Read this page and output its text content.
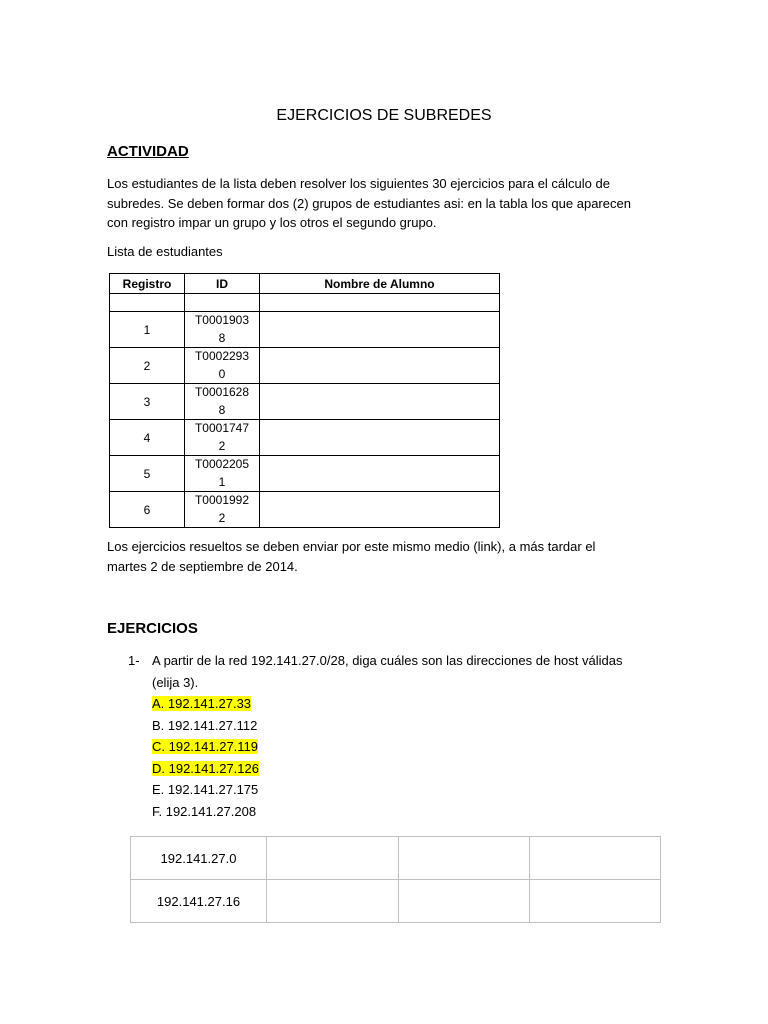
EJERCICIOS DE SUBREDES
ACTIVIDAD

Los estudiantes de la lista deben resolver los siguientes 30 ejercicios para el cálculo de
subredes. Se deben formar dos (2) grupos de estudiantes asi: en la tabla los que aparecen
con registro impar un grupo y los otros el segundo grupo.

Lista de estudiantes

Registro	ID	Nombre de Alumno

1	T0001903
8	

2	T0002293
0	

3	T0001628
8	

4	T0001747
2	

5	T0002205
1	

6	T0001992
2	

Los ejercicios resueltos se deben enviar por este mismo medio (link), a más tardar el
martes 2 de septiembre de 2014.

EJERCICIOS
1- A partir de la red 192.141.27.0/28, diga cuáles son las direcciones de host válidas
(elija 3).
A. 192.141.27.33
B. 192.141.27.112
C. 192.141.27.119
D. 192.141.27.126
E. 192.141.27.175
F. 192.141.27.208
192.141.27.0			
192.141.27.16			
